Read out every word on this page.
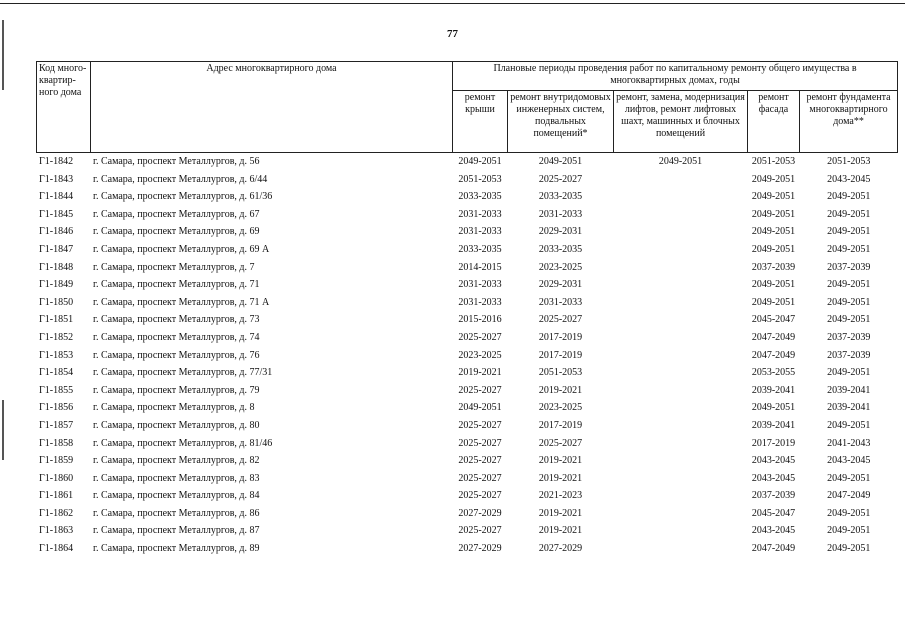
77
Код много-квартир-ного дома	Адрес многоквартирного дома	Плановые периоды проведения работ по капитальному ремонту общего имущества в многоквартирных домах, годы				
		ремонт крыши	ремонт внутридомовых инженерных систем, подвальных помещений*	ремонт, замена, модернизация лифтов, ремонт лифтовых шахт, машинных и блочных помещений	ремонт фасада	ремонт фундамента многоквартирного дома**
Г1-1842	г. Самара, проспект Металлургов, д. 56	2049-2051	2049-2051	2049-2051	2051-2053	2051-2053
Г1-1843	г. Самара, проспект Металлургов, д. 6/44	2051-2053	2025-2027		2049-2051	2043-2045
Г1-1844	г. Самара, проспект Металлургов, д. 61/36	2033-2035	2033-2035		2049-2051	2049-2051
Г1-1845	г. Самара, проспект Металлургов, д. 67	2031-2033	2031-2033		2049-2051	2049-2051
Г1-1846	г. Самара, проспект Металлургов, д. 69	2031-2033	2029-2031		2049-2051	2049-2051
Г1-1847	г. Самара, проспект Металлургов, д. 69 А	2033-2035	2033-2035		2049-2051	2049-2051
Г1-1848	г. Самара, проспект Металлургов, д. 7	2014-2015	2023-2025		2037-2039	2037-2039
Г1-1849	г. Самара, проспект Металлургов, д. 71	2031-2033	2029-2031		2049-2051	2049-2051
Г1-1850	г. Самара, проспект Металлургов, д. 71 А	2031-2033	2031-2033		2049-2051	2049-2051
Г1-1851	г. Самара, проспект Металлургов, д. 73	2015-2016	2025-2027		2045-2047	2049-2051
Г1-1852	г. Самара, проспект Металлургов, д. 74	2025-2027	2017-2019		2047-2049	2037-2039
Г1-1853	г. Самара, проспект Металлургов, д. 76	2023-2025	2017-2019		2047-2049	2037-2039
Г1-1854	г. Самара, проспект Металлургов, д. 77/31	2019-2021	2051-2053		2053-2055	2049-2051
Г1-1855	г. Самара, проспект Металлургов, д. 79	2025-2027	2019-2021		2039-2041	2039-2041
Г1-1856	г. Самара, проспект Металлургов, д. 8	2049-2051	2023-2025		2049-2051	2039-2041
Г1-1857	г. Самара, проспект Металлургов, д. 80	2025-2027	2017-2019		2039-2041	2049-2051
Г1-1858	г. Самара, проспект Металлургов, д. 81/46	2025-2027	2025-2027		2017-2019	2041-2043
Г1-1859	г. Самара, проспект Металлургов, д. 82	2025-2027	2019-2021		2043-2045	2043-2045
Г1-1860	г. Самара, проспект Металлургов, д. 83	2025-2027	2019-2021		2043-2045	2049-2051
Г1-1861	г. Самара, проспект Металлургов, д. 84	2025-2027	2021-2023		2037-2039	2047-2049
Г1-1862	г. Самара, проспект Металлургов, д. 86	2027-2029	2019-2021		2045-2047	2049-2051
Г1-1863	г. Самара, проспект Металлургов, д. 87	2025-2027	2019-2021		2043-2045	2049-2051
Г1-1864	г. Самара, проспект Металлургов, д. 89	2027-2029	2027-2029		2047-2049	2049-2051
